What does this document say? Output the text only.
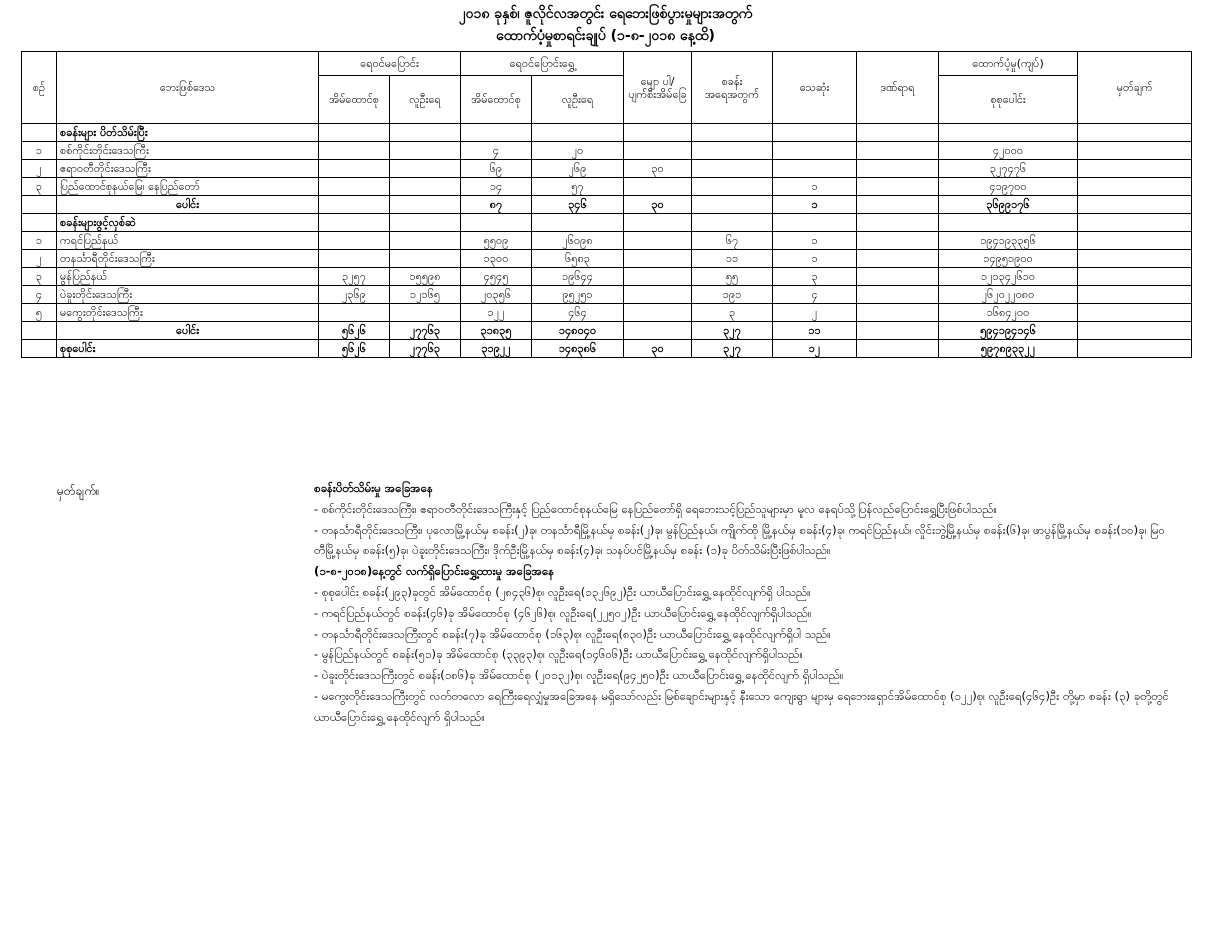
၂၀၁၈ ခုနှစ်၊ ဇူလိုင်လအတွင်း ရေဘေးဖြစ်ပွားမှုများအတွက်
ထောက်ပံ့မှုစာရင်းချုပ် (၁-၈-၂၀၁၈ နေ့ထိ)
စဉ်	ဘေးဖြစ်ဒေသ	ရေဝင်မပြောင်း		ရေဝင်ပြောင်းရွှေ့		မျော ပါ/ပျက်စီးအိမ်ခြေ	စခန်းအရေအတွက်	သေဆုံး	ဒဏ်ရာရ	ထောက်ပံ့မှု(ကျပ်)	မှတ်ချက်
		အိမ်ထောင်စု	လူဦးရေ	အိမ်ထောင်စု	လူဦးရေ					စုစုပေါင်း	

	စခန်းများ ပိတ်သိမ်းပြီး										
၁	စစ်ကိုင်းတိုင်းဒေသကြီး			၄	၂၀					၄၂၀၀၀	
၂	ဧရာဝတီတိုင်းဒေသကြီး			၆၉	၂၆၉	၃၀				၃၂၇၄၇၆	
၃	ပြည်ထောင်စုနယ်မြေ၊ နေပြည်တော်			၁၄	၅၇			၁		၄၁၉၇၀၀	
	ပေါင်း			၈၇	၃၄၆	၃၀		၁		၃၆၉၉၁၇၆	
	စခန်းများဖွင့်လှစ်ဆဲ										
၁	ကရင်ပြည်နယ်			၅၅၀၉	၂၆၀၉၈		၆၇	၁		၁၉၄၁၉၃၃၅၆	
၂	တနင်္သာရီတိုင်းဒေသကြီး			၁၃၀၀	၆၅၈၃		၁၁	၁		၁၄၉၅၁၉၀၀	
၃	မွန်ပြည်နယ်	၃၂၅၇	၁၅၅၉၈	၄၅၄၅	၁၉၆၄၄		၅၅	၃		၁၂၁၃၄၂၆၁၀	
၄	ပဲခူးတိုင်းဒေသကြီး	၂၃၆၉	၁၂၁၆၅	၂၀၃၅၆	၉၅၂၅၁		၁၉၁	၄		၂၆၂၀၂၂၀၈၀	
၅	မကွေးတိုင်းဒေသကြီး			၁၂၂	၄၆၄		၃	၂		၁၆၈၄၂၀၀	
	ပေါင်း	၅၆၂၆	၂၇၇၆၃	၃၁၈၃၅	၁၄၈၀၄၀		၃၂၇	၁၁		၅၉၄၁၉၄၁၄၆	
	စုစုပေါင်း	၅၆၂၆	၂၇၇၆၃	၃၁၉၂၂	၁၄၈၃၈၆	၃၀	၃၂၇	၁၂		၅၉၇၈၉၃၃၂၂	
မှတ်ချက်။	စခန်းပိတ်သိမ်းမှု အခြေအနေ
- စစ်ကိုင်းတိုင်းဒေသကြီး၊ ဧရာဝတီတိုင်းဒေသကြီးနှင့် ပြည်ထောင်စုနယ်မြေ နေပြည်တော်ရှိ ရေဘေးသင့်ပြည်သူများမှာ မူလ နေရပ်သို့ပြန်လည်ပြောင်းရွှေ့ပြီးဖြစ်ပါသည်။
- တနင်္သာရီတိုင်းဒေသကြီး၊ ပုလောမြို့နယ်မှ စခန်း(၂)ခု၊ တနင်္သာရီမြို့နယ်မှ စခန်း(၂)ခု၊ မွန်ပြည်နယ်၊ ကျိုက်ထို မြို့နယ်မှ စခန်း(၄)ခု၊ ကရင်ပြည်နယ်၊ လှိုင်းဘွဲ့မြို့နယ်မှ စခန်း(၆)ခု၊ ဖာပွန်မြို့နယ်မှ စခန်း(၁၀)ခု၊ မြဝတီမြို့နယ်မှ စခန်း(၅)ခု၊ ပဲခူးတိုင်းဒေသကြီး၊ ဒိုက်ဦးမြို့နယ်မှ စခန်း(၄)ခု၊ သနပ်ပင်မြို့နယ်မှ စခန်း (၁)ခု ပိတ်သိမ်းပြီးဖြစ်ပါသည်။
(၁-၈-၂၀၁၈)နေ့တွင် လက်ရှိပြောင်းရွှေ့ထားမှု အခြေအနေ
- စုစုပေါင်း စခန်း(၂၉၃)ခုတွင် အိမ်ထောင်စု (၂၈၄၃၆)စု၊ လူဦးရေ(၁၃၂၆၉၂)ဦး ယာယီပြောင်းရွှေ့ နေထိုင်လျက်ရှိ ပါသည်။
- ကရင်ပြည်နယ်တွင် စခန်း(၄၆)ခု အိမ်ထောင်စု (၄၆၂၆)စု၊ လူဦးရေ(၂၂၅၀၂)ဦး ယာယီပြောင်းရွှေ့ နေထိုင်လျက်ရှိပါသည်။
- တနင်္သာရီတိုင်းဒေသကြီးတွင် စခန်း(၇)ခု အိမ်ထောင်စု (၁၆၃)စု၊ လူဦးရေ(၈၃၀)ဦး ယာယီပြောင်းရွှေ့ နေထိုင်လျက်ရှိပါ သည်။
- မွန်ပြည်နယ်တွင် စခန်း(၅၁)ခု အိမ်ထောင်စု (၃၃၉၃)စု၊ လူဦးရေ(၁၄၆၀၆)ဦး ယာယီပြောင်းရွှေ့ နေထိုင်လျက်ရှိပါသည်။
- ပဲခူးတိုင်းဒေသကြီးတွင် စခန်း(၁၈၆)ခု အိမ်ထောင်စု (၂၀၁၃၂)စု၊ လူဦးရေ(၉၄၂၅၀)ဦး ယာယီပြောင်းရွှေ့ နေထိုင်လျက် ရှိပါသည်။
- မကွေးတိုင်းဒေသကြီးတွင် လတ်တလော ရေကြီးရေလျှံမှုအခြေအနေ မရှိသော်လည်း မြစ်ချောင်းများနှင့် နီးသော ကျေးရွာ များမှ ရေဘေးရှောင်အိမ်ထောင်စု (၁၂၂)စု၊ လူဦးရေ(၄၆၄)ဦး တို့မှာ စခန်း (၃) ခုတို့တွင် ယာယီပြောင်းရွှေ့ နေထိုင်လျက် ရှိပါသည်။
